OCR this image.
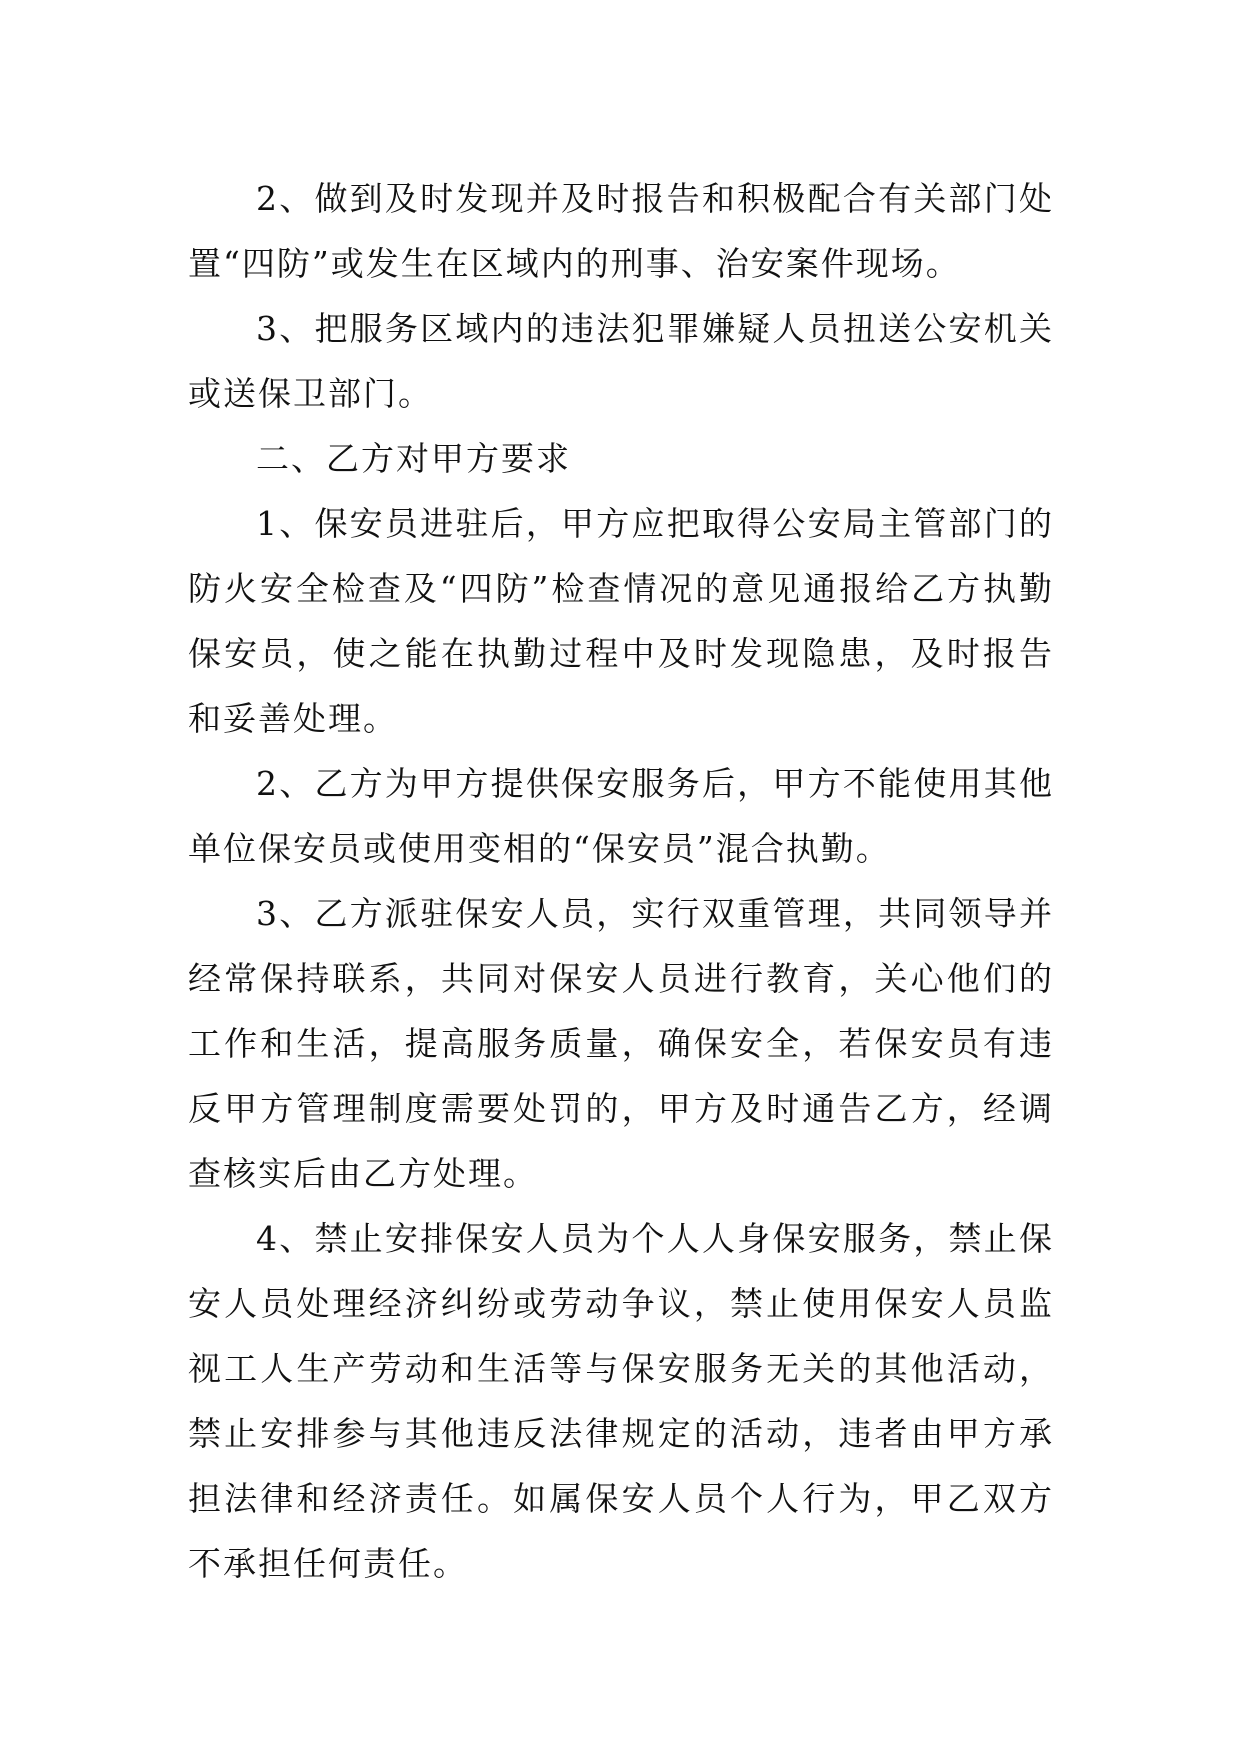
2、做到及时发现并及时报告和积极配合有关部门处置“四防”或发生在区域内的刑事、治安案件现场。

3、把服务区域内的违法犯罪嫌疑人员扭送公安机关或送保卫部门。

二、乙方对甲方要求

1、保安员进驻后，甲方应把取得公安局主管部门的防火安全检查及“四防”检查情况的意见通报给乙方执勤保安员，使之能在执勤过程中及时发现隐患，及时报告和妥善处理。

2、乙方为甲方提供保安服务后，甲方不能使用其他单位保安员或使用变相的“保安员”混合执勤。

3、乙方派驻保安人员，实行双重管理，共同领导并经常保持联系，共同对保安人员进行教育，关心他们的工作和生活，提高服务质量，确保安全，若保安员有违反甲方管理制度需要处罚的，甲方及时通告乙方，经调查核实后由乙方处理。

4、禁止安排保安人员为个人人身保安服务，禁止保安人员处理经济纠纷或劳动争议，禁止使用保安人员监视工人生产劳动和生活等与保安服务无关的其他活动，禁止安排参与其他违反法律规定的活动，违者由甲方承担法律和经济责任。如属保安人员个人行为，甲乙双方不承担任何责任。
